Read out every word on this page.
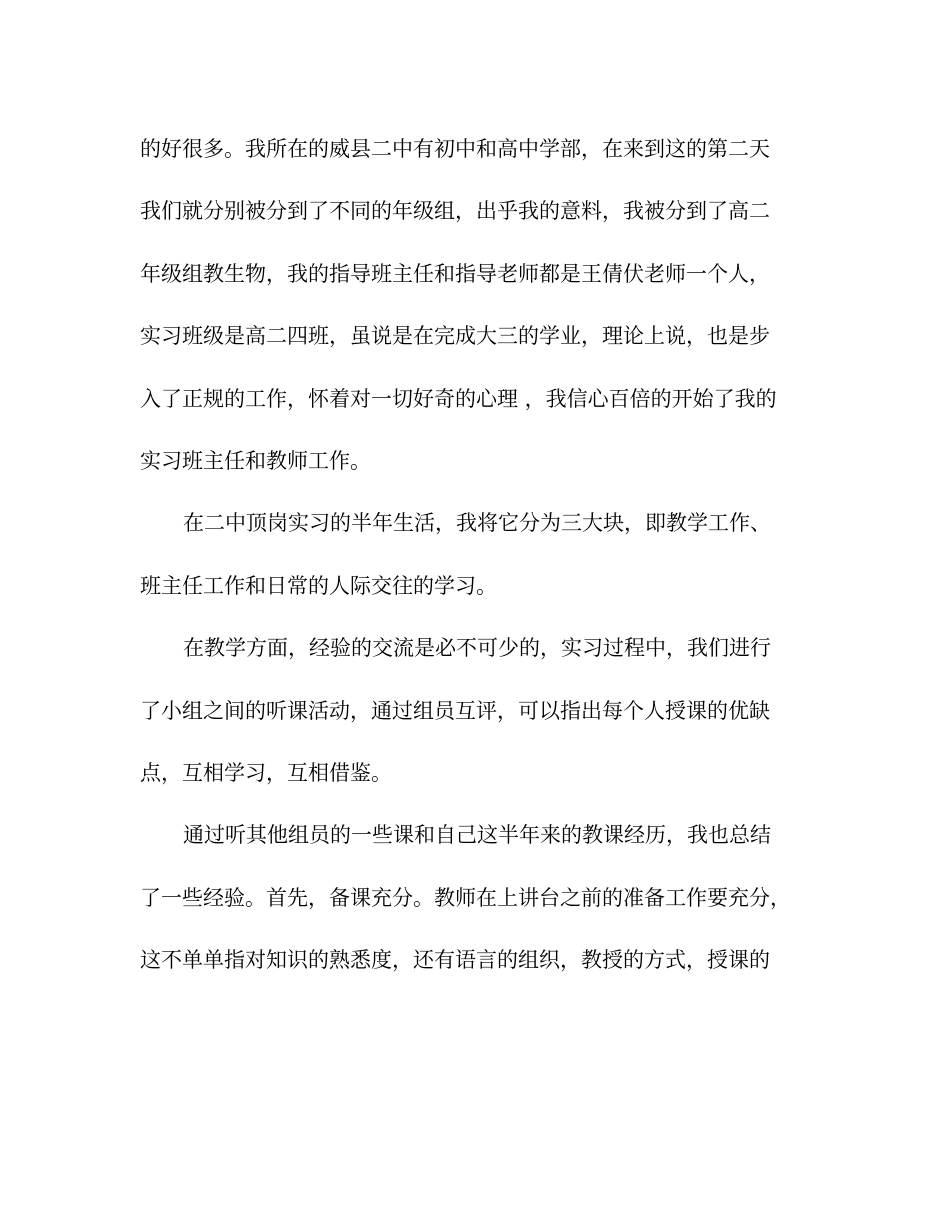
的好很多。我所在的威县二中有初中和高中学部，在来到这的第二天
我们就分别被分到了不同的年级组，出乎我的意料，我被分到了高二
年级组教生物，我的指导班主任和指导老师都是王倩伏老师一个人，
实习班级是高二四班，虽说是在完成大三的学业，理论上说，也是步
入了正规的工作，怀着对一切好奇的心理 ，我信心百倍的开始了我的
实习班主任和教师工作。
在二中顶岗实习的半年生活，我将它分为三大块，即教学工作、
班主任工作和日常的人际交往的学习。
在教学方面，经验的交流是必不可少的，实习过程中，我们进行
了小组之间的听课活动，通过组员互评，可以指出每个人授课的优缺
点，互相学习，互相借鉴。
通过听其他组员的一些课和自己这半年来的教课经历，我也总结
了一些经验。首先，备课充分。教师在上讲台之前的准备工作要充分，
这不单单指对知识的熟悉度，还有语言的组织，教授的方式，授课的
